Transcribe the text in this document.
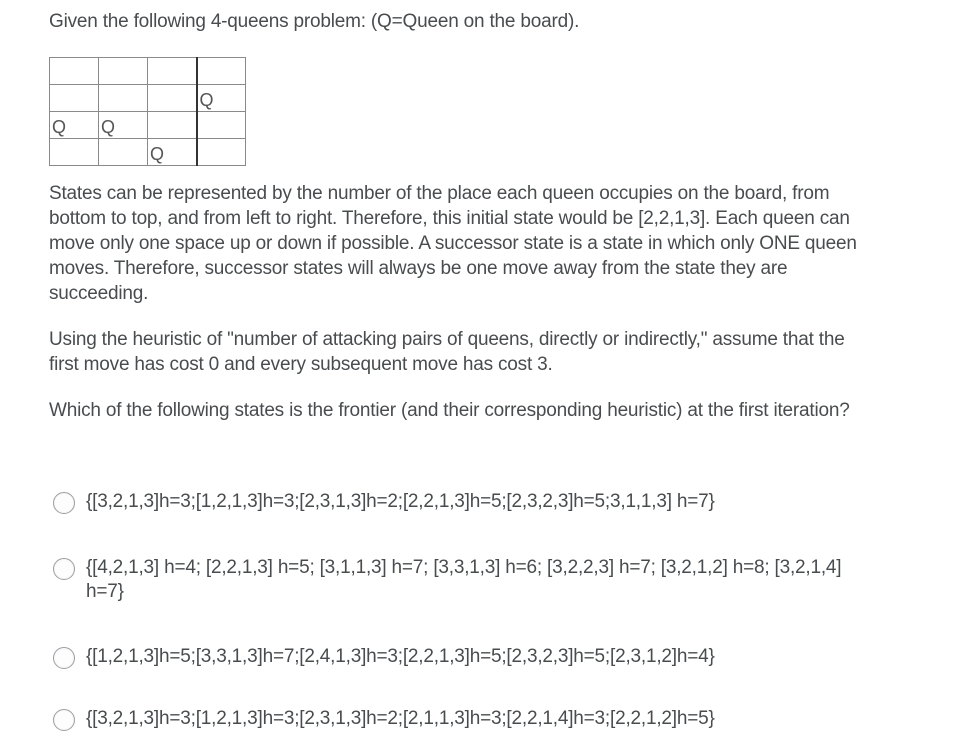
Given the following 4-queens problem: (Q=Queen on the board).

			Q
Q	Q		
		Q	
States can be represented by the number of the place each queen occupies on the board, from bottom to top, and from left to right. Therefore, this initial state would be [2,2,1,3]. Each queen can move only one space up or down if possible. A successor state is a state in which only ONE queen moves. Therefore, successor states will always be one move away from the state they are succeeding.
Using the heuristic of "number of attacking pairs of queens, directly or indirectly," assume that the first move has cost 0 and every subsequent move has cost 3.
Which of the following states is the frontier (and their corresponding heuristic) at the first iteration?
{[3,2,1,3]h=3;[1,2,1,3]h=3;[2,3,1,3]h=2;[2,2,1,3]h=5;[2,3,2,3]h=5;3,1,1,3] h=7}
{[4,2,1,3] h=4; [2,2,1,3] h=5; [3,1,1,3] h=7; [3,3,1,3] h=6; [3,2,2,3] h=7; [3,2,1,2] h=8; [3,2,1,4] h=7}
{[1,2,1,3]h=5;[3,3,1,3]h=7;[2,4,1,3]h=3;[2,2,1,3]h=5;[2,3,2,3]h=5;[2,3,1,2]h=4}
{[3,2,1,3]h=3;[1,2,1,3]h=3;[2,3,1,3]h=2;[2,1,1,3]h=3;[2,2,1,4]h=3;[2,2,1,2]h=5}
